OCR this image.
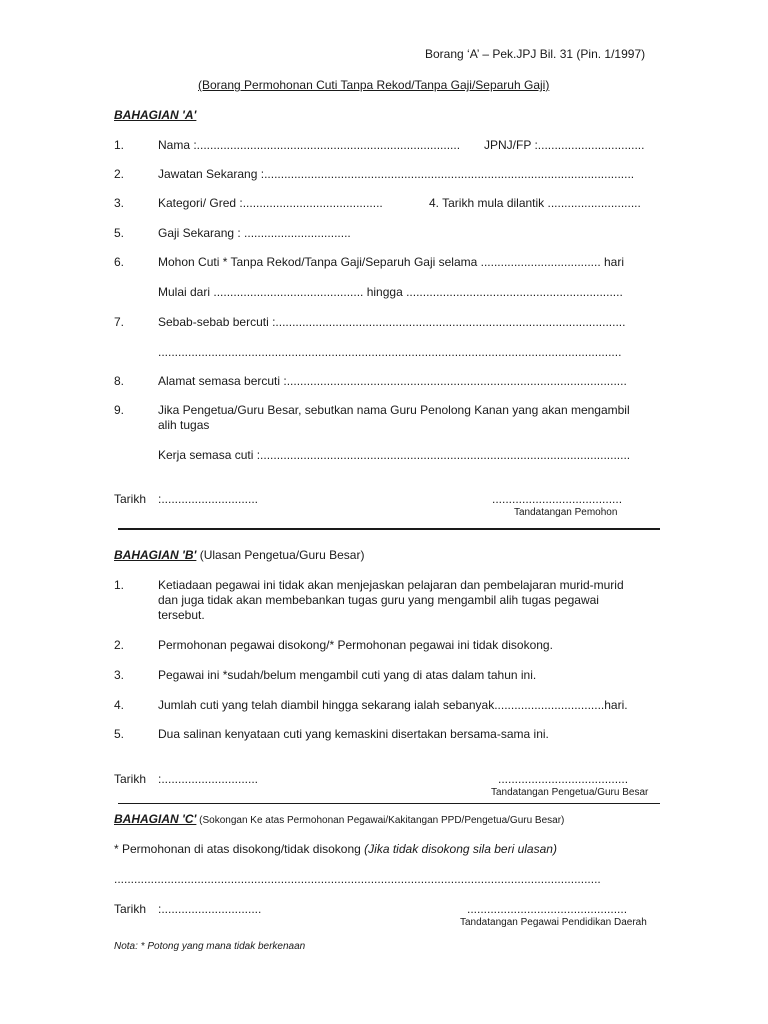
Borang ‘A’ – Pek.JPJ Bil. 31 (Pin. 1/1997)
(Borang Permohonan Cuti Tanpa Rekod/Tanpa Gaji/Separuh Gaji)
BAHAGIAN 'A'
1.	Nama :............................................................................... JPNJ/FP :................................
2.	Jawatan Sekarang :...............................................................................................................
3.	Kategori/ Gred :..........................................	4. Tarikh mula dilantik ............................
5.	Gaji Sekarang : ................................
6.	Mohon Cuti * Tanpa Rekod/Tanpa Gaji/Separuh Gaji selama .................................... hari
Mulai dari ............................................. hingga .................................................................
7.	Sebab-sebab bercuti :.........................................................................................................
...........................................................................................................................................
8.	Alamat semasa bercuti :......................................................................................................
9.	Jika Pengetua/Guru Besar, sebutkan nama Guru Penolong Kanan yang akan mengambil
alih tugas
Kerja semasa cuti :...............................................................................................................
Tarikh :.............................	.......................................
Tandatangan Pemohon
BAHAGIAN 'B' (Ulasan Pengetua/Guru Besar)
1.	Ketiadaan pegawai ini tidak akan menjejaskan pelajaran dan pembelajaran murid-murid
dan juga tidak akan membebankan tugas guru yang mengambil alih tugas pegawai
tersebut.
2.	Permohonan pegawai disokong/* Permohonan pegawai ini tidak disokong.
3.	Pegawai ini *sudah/belum mengambil cuti yang di atas dalam tahun ini.
4.	Jumlah cuti yang telah diambil hingga sekarang ialah sebanyak.................................hari.
5.	Dua salinan kenyataan cuti yang kemaskini disertakan bersama-sama ini.
Tarikh :.............................	.......................................
Tandatangan Pengetua/Guru Besar
BAHAGIAN 'C' (Sokongan Ke atas Permohonan Pegawai/Kakitangan PPD/Pengetua/Guru Besar)
* Permohonan di atas disokong/tidak disokong (Jika tidak disokong sila beri ulasan)
..................................................................................................................................................
Tarikh :..............................	................................................
Tandatangan Pegawai Pendidikan Daerah
Nota: * Potong yang mana tidak berkenaan
